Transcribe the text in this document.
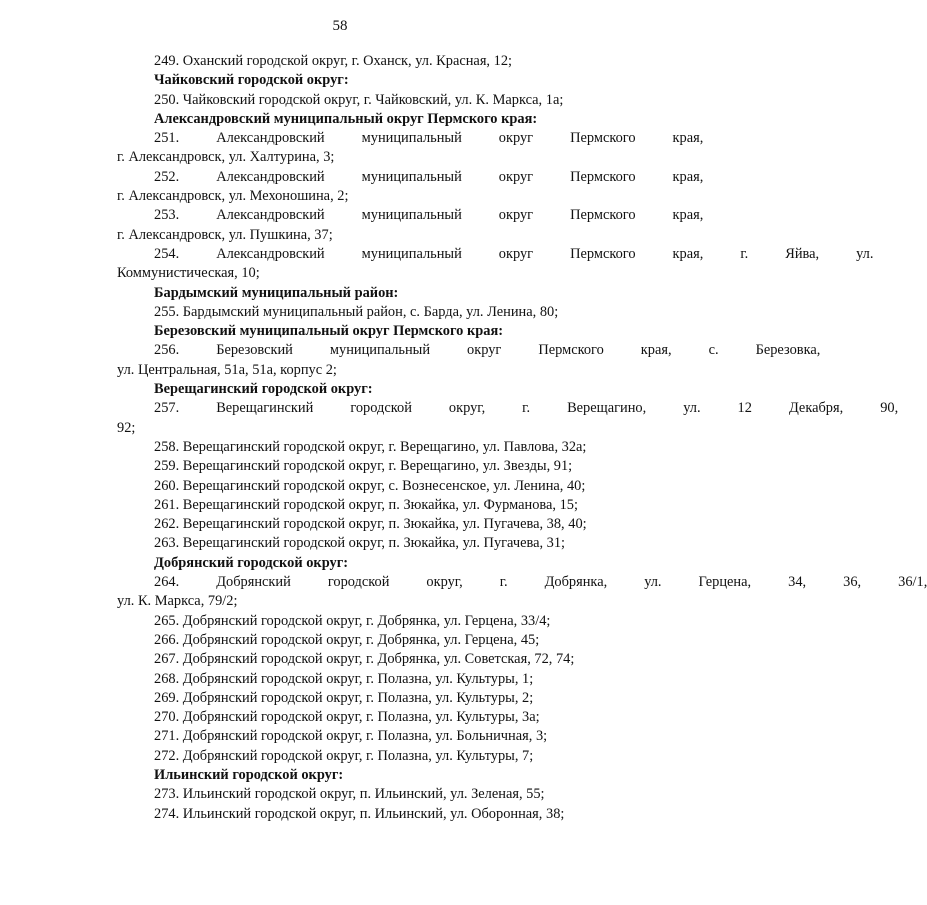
58
249. Оханский городской округ, г. Оханск, ул. Красная, 12;
Чайковский городской округ:
250. Чайковский городской округ, г. Чайковский, ул. К. Маркса, 1а;
Александровский муниципальный округ Пермского края:
251.	Александровский	муниципальный	округ	Пермского	края,
г. Александровск, ул. Халтурина, 3;
252.	Александровский	муниципальный	округ	Пермского	края,
г. Александровск, ул. Мехоношина, 2;
253.	Александровский	муниципальный	округ	Пермского	края,
г. Александровск, ул. Пушкина, 37;
254.	Александровский	муниципальный	округ	Пермского	края,	г.	Яйва,	ул.
Коммунистическая, 10;
Бардымский муниципальный район:
255. Бардымский муниципальный район, с. Барда, ул. Ленина, 80;
Березовский муниципальный округ Пермского края:
256.	Березовский	муниципальный	округ	Пермского	края,	с.	Березовка,
ул. Центральная, 51а, 51а, корпус 2;
Верещагинский городской округ:
257.	Верещагинский	городской	округ,	г.	Верещагино,	ул.	12	Декабря,	90,
92;
258. Верещагинский городской округ, г. Верещагино, ул. Павлова, 32а;
259. Верещагинский городской округ, г. Верещагино, ул. Звезды, 91;
260. Верещагинский городской округ, с. Вознесенское, ул. Ленина, 40;
261. Верещагинский городской округ, п. Зюкайка, ул. Фурманова, 15;
262. Верещагинский городской округ, п. Зюкайка, ул. Пугачева, 38, 40;
263. Верещагинский городской округ, п. Зюкайка, ул. Пугачева, 31;
Добрянский городской округ:
264.	Добрянский	городской	округ,	г.	Добрянка,	ул.	Герцена,	34,	36,	36/1,
ул. К. Маркса, 79/2;
265. Добрянский городской округ, г. Добрянка, ул. Герцена, 33/4;
266. Добрянский городской округ, г. Добрянка, ул. Герцена, 45;
267. Добрянский городской округ, г. Добрянка, ул. Советская, 72, 74;
268. Добрянский городской округ, г. Полазна, ул. Культуры, 1;
269. Добрянский городской округ, г. Полазна, ул. Культуры, 2;
270. Добрянский городской округ, г. Полазна, ул. Культуры, 3а;
271. Добрянский городской округ, г. Полазна, ул. Больничная, 3;
272. Добрянский городской округ, г. Полазна, ул. Культуры, 7;
Ильинский городской округ:
273. Ильинский городской округ, п. Ильинский, ул. Зеленая, 55;
274. Ильинский городской округ, п. Ильинский, ул. Оборонная, 38;
